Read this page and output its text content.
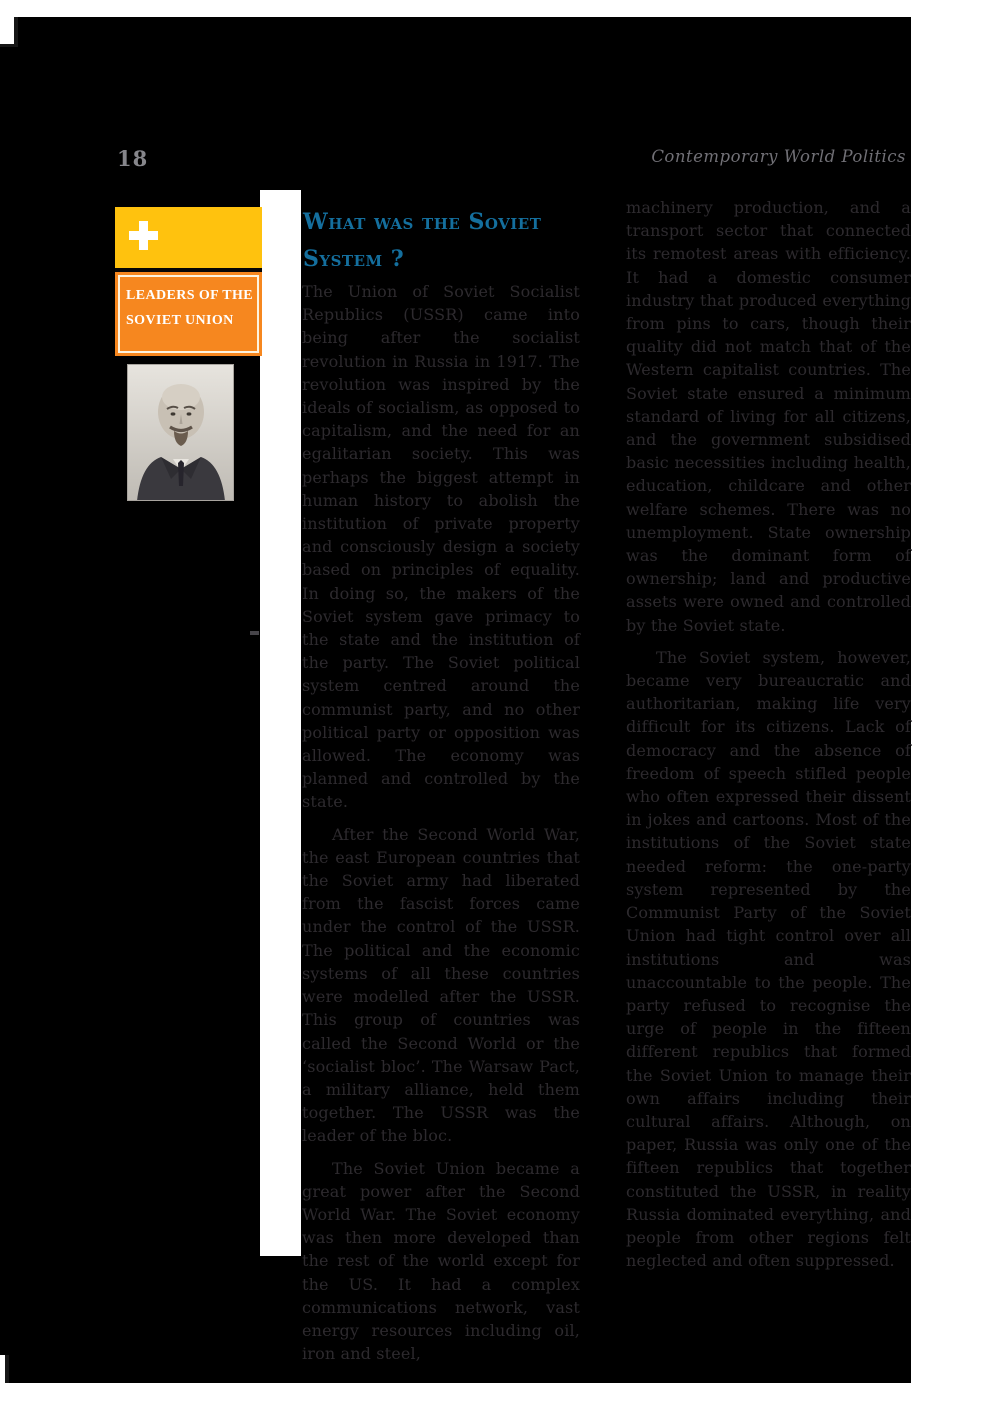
18	Contemporary World Politics
LEADERS OF THE
SOVIET UNION
What was the Soviet System ?

The Union of Soviet Socialist Republics (USSR) came into being after the socialist revolution in Russia in 1917. The revolution was inspired by the ideals of socialism, as opposed to capitalism, and the need for an egalitarian society. This was perhaps the biggest attempt in human history to abolish the institution of private property and consciously design a society based on principles of equality. In doing so, the makers of the Soviet system gave primacy to the state and the institution of the party. The Soviet political system centred around the communist party, and no other political party or opposition was allowed. The economy was planned and controlled by the state.

After the Second World War, the east European countries that the Soviet army had liberated from the fascist forces came under the control of the USSR. The political and the economic systems of all these countries were modelled after the USSR. This group of countries was called the Second World or the ‘socialist bloc’. The Warsaw Pact, a military alliance, held them together. The USSR was the leader of the bloc.

The Soviet Union became a great power after the Second World War. The Soviet economy was then more developed than the rest of the world except for the US. It had a complex communications network, vast energy resources including oil, iron and steel,

machinery production, and a transport sector that connected its remotest areas with efficiency. It had a domestic consumer industry that produced everything from pins to cars, though their quality did not match that of the Western capitalist countries. The Soviet state ensured a minimum standard of living for all citizens, and the government subsidised basic necessities including health, education, childcare and other welfare schemes. There was no unemployment. State ownership was the dominant form of ownership; land and productive assets were owned and controlled by the Soviet state.

The Soviet system, however, became very bureaucratic and authoritarian, making life very difficult for its citizens. Lack of democracy and the absence of freedom of speech stifled people who often expressed their dissent in jokes and cartoons. Most of the institutions of the Soviet state needed reform: the one-party system represented by the Communist Party of the Soviet Union had tight control over all institutions and was unaccountable to the people. The party refused to recognise the urge of people in the fifteen different republics that formed the Soviet Union to manage their own affairs including their cultural affairs. Although, on paper, Russia was only one of the fifteen republics that together constituted the USSR, in reality Russia dominated everything, and people from other regions felt neglected and often suppressed.
